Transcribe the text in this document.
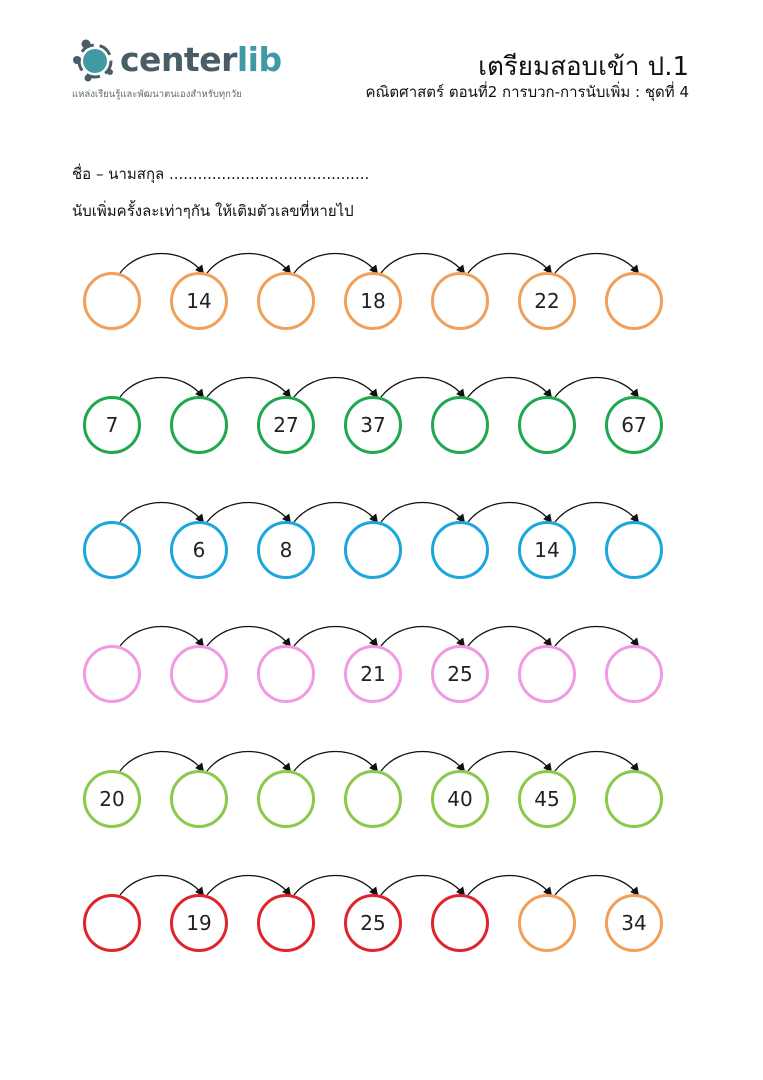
centerlib
แหล่งเรียนรู้และพัฒนาตนเองสำหรับทุกวัย
เตรียมสอบเข้า ป.1
คณิตศาสตร์ ตอนที่2 การบวก-การนับเพิ่ม : ชุดที่ 4
ชื่อ – นามสกุล ..........................................
นับเพิ่มครั้งละเท่าๆกัน ให้เติมตัวเลขที่หายไป
14	18	22
7	27	37	67
6	8	14
21	25
20	40	45
19	25	34
